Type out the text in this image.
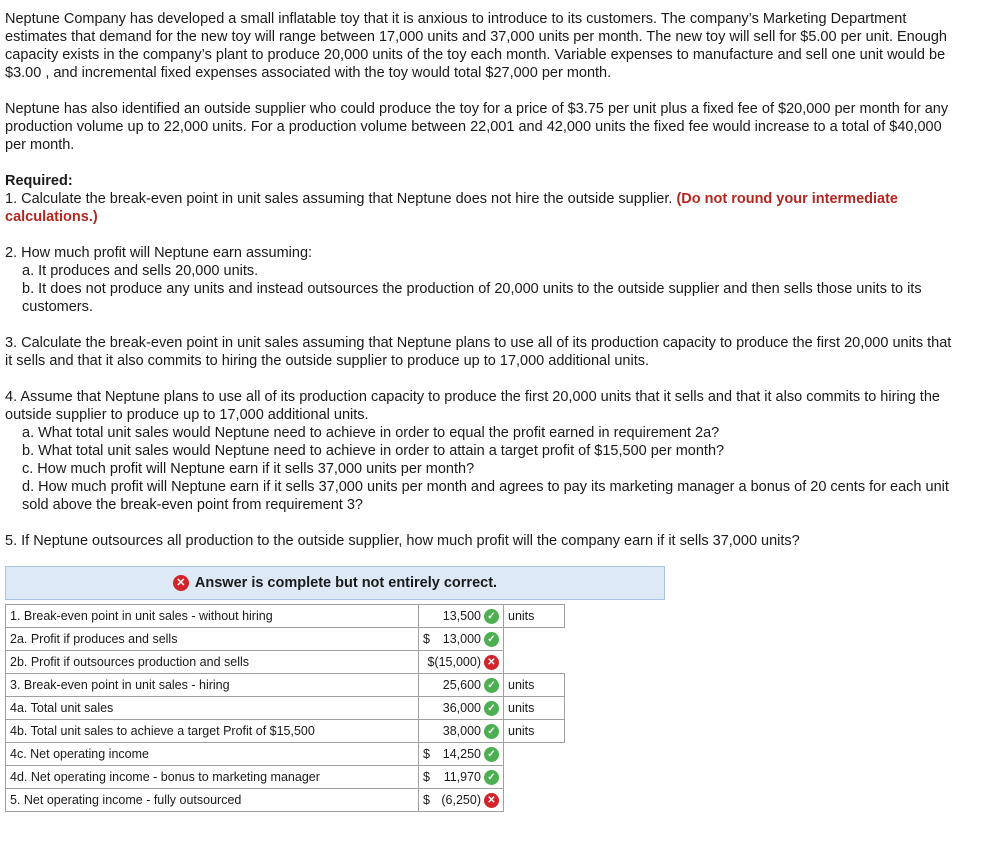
Neptune Company has developed a small inflatable toy that it is anxious to introduce to its customers. The company’s Marketing Department estimates that demand for the new toy will range between 17,000 units and 37,000 units per month. The new toy will sell for $5.00 per unit. Enough capacity exists in the company’s plant to produce 20,000 units of the toy each month. Variable expenses to manufacture and sell one unit would be $3.00 , and incremental fixed expenses associated with the toy would total $27,000 per month.

Neptune has also identified an outside supplier who could produce the toy for a price of $3.75 per unit plus a fixed fee of $20,000 per month for any production volume up to 22,000 units. For a production volume between 22,001 and 42,000 units the fixed fee would increase to a total of $40,000 per month.

Required:

1. Calculate the break-even point in unit sales assuming that Neptune does not hire the outside supplier. (Do not round your intermediate calculations.)

2. How much profit will Neptune earn assuming:

a. It produces and sells 20,000 units.

b. It does not produce any units and instead outsources the production of 20,000 units to the outside supplier and then sells those units to its customers.

3. Calculate the break-even point in unit sales assuming that Neptune plans to use all of its production capacity to produce the first 20,000 units that it sells and that it also commits to hiring the outside supplier to produce up to 17,000 additional units.

4. Assume that Neptune plans to use all of its production capacity to produce the first 20,000 units that it sells and that it also commits to hiring the outside supplier to produce up to 17,000 additional units.

a. What total unit sales would Neptune need to achieve in order to equal the profit earned in requirement 2a?

b. What total unit sales would Neptune need to achieve in order to attain a target profit of $15,500 per month?

c. How much profit will Neptune earn if it sells 37,000 units per month?

d. How much profit will Neptune earn if it sells 37,000 units per month and agrees to pay its marketing manager a bonus of 20 cents for each unit sold above the break-even point from requirement 3?

5. If Neptune outsources all production to the outside supplier, how much profit will the company earn if it sells 37,000 units?

✕ Answer is complete but not entirely correct.
1. Break-even point in unit sales - without hiring	13,500 ✓	units
2a. Profit if produces and sells	$ 13,000 ✓	

2b. Profit if outsources production and sells	$(15,000) ✕	

3. Break-even point in unit sales - hiring	25,600 ✓	units
4a. Total unit sales	36,000 ✓	units
4b. Total unit sales to achieve a target Profit of $15,500	38,000 ✓	units
4c. Net operating income	$ 14,250 ✓	

4d. Net operating income - bonus to marketing manager	$ 11,970 ✓	

5. Net operating income - fully outsourced	$ (6,250) ✕	
